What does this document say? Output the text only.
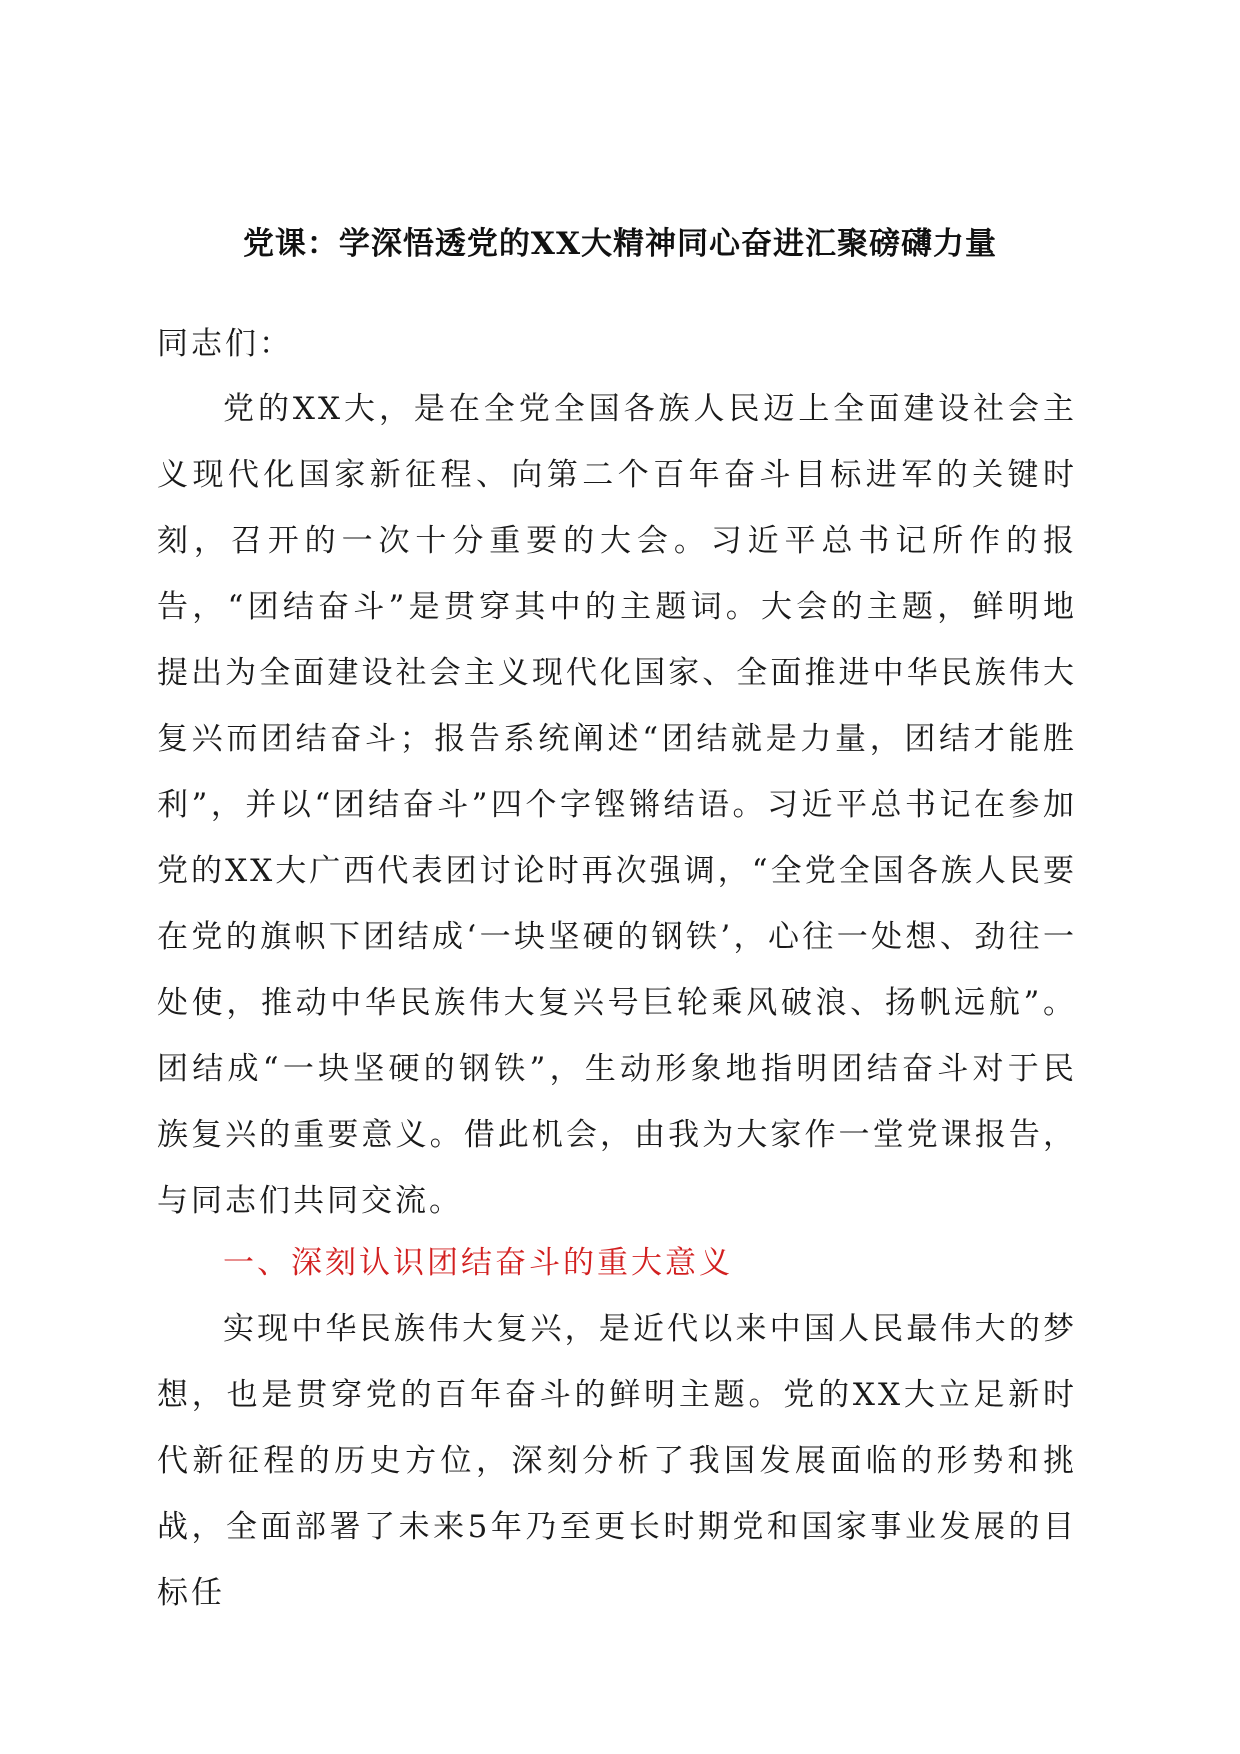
党课：学深悟透党的XX大精神同心奋进汇聚磅礴力量
同志们：
党的XX大，是在全党全国各族人民迈上全面建设社会主义现代化国家新征程、向第二个百年奋斗目标进军的关键时刻，召开的一次十分重要的大会。习近平总书记所作的报告，“团结奋斗”是贯穿其中的主题词。大会的主题，鲜明地提出为全面建设社会主义现代化国家、全面推进中华民族伟大复兴而团结奋斗；报告系统阐述“团结就是力量，团结才能胜利”，并以“团结奋斗”四个字铿锵结语。习近平总书记在参加党的XX大广西代表团讨论时再次强调，“全党全国各族人民要在党的旗帜下团结成‘一块坚硬的钢铁’，心往一处想、劲往一处使，推动中华民族伟大复兴号巨轮乘风破浪、扬帆远航”。团结成“一块坚硬的钢铁”，生动形象地指明团结奋斗对于民族复兴的重要意义。借此机会，由我为大家作一堂党课报告，与同志们共同交流。
一、深刻认识团结奋斗的重大意义
实现中华民族伟大复兴，是近代以来中国人民最伟大的梦想，也是贯穿党的百年奋斗的鲜明主题。党的XX大立足新时代新征程的历史方位，深刻分析了我国发展面临的形势和挑战，全面部署了未来5年乃至更长时期党和国家事业发展的目标任
